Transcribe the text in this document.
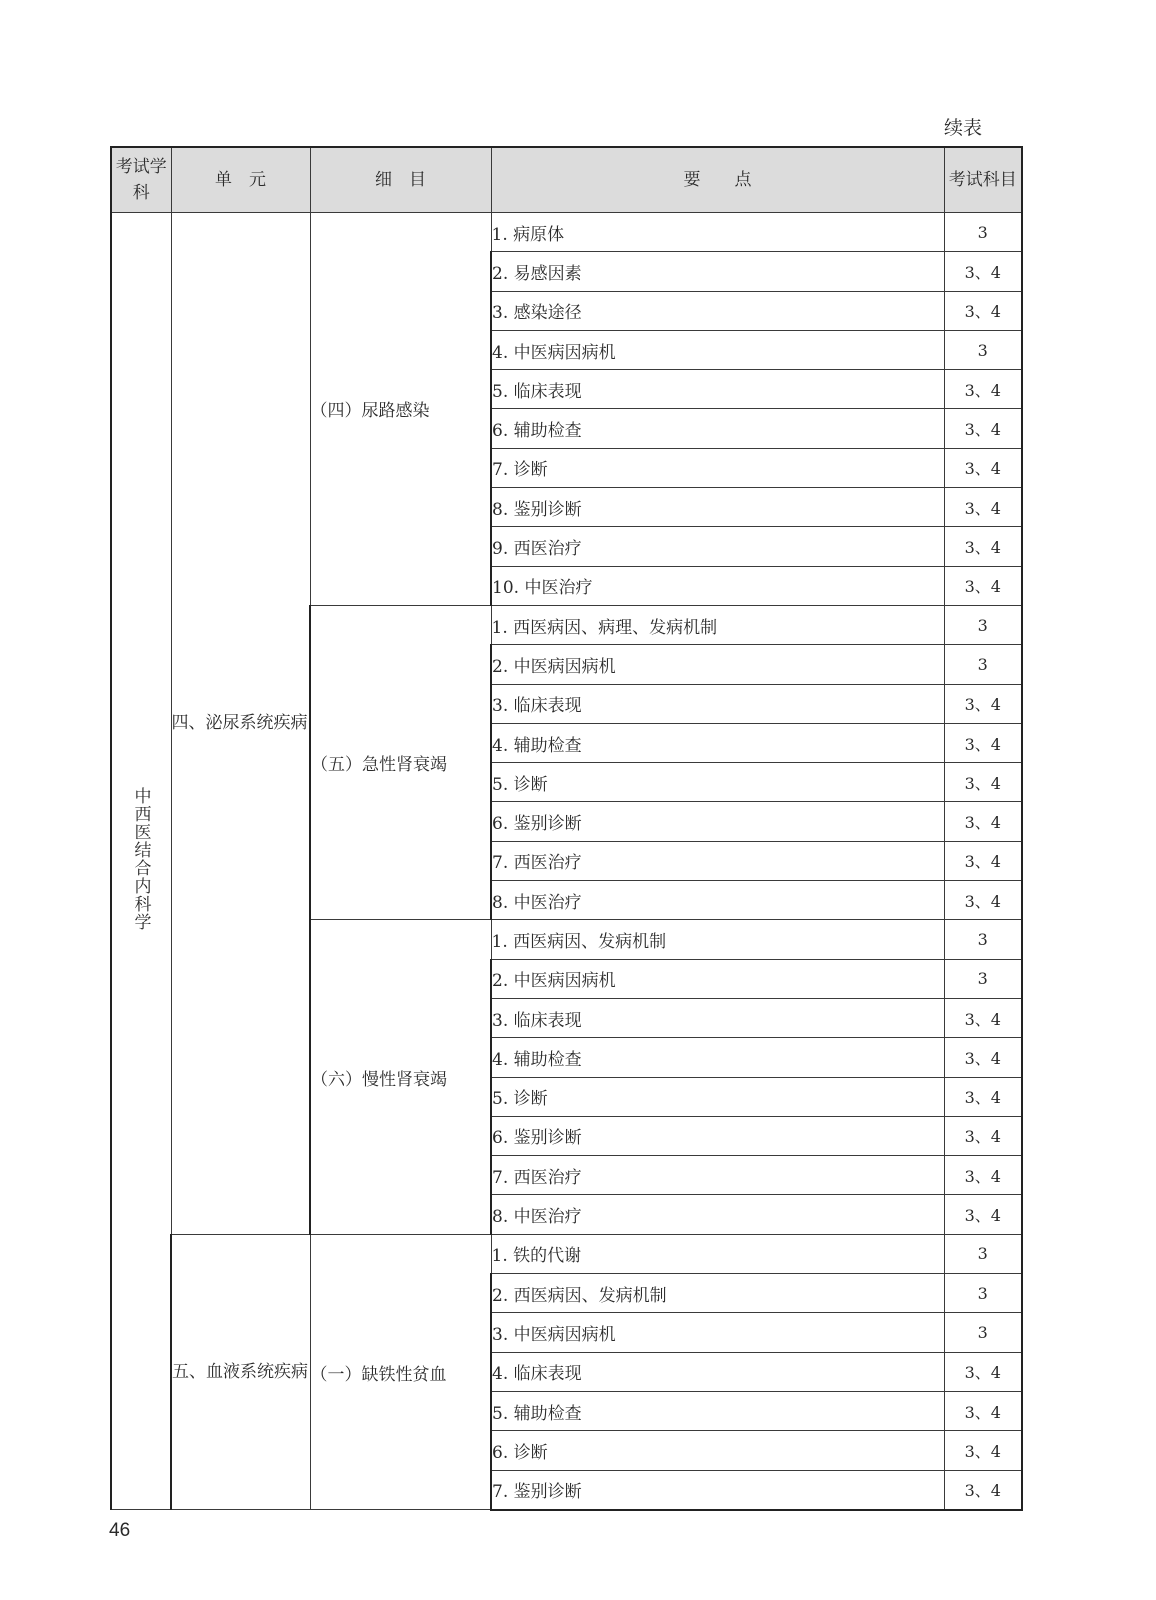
续表
考试学科	单　元	细　目	要　　点	考试科目
中西医结合内科学	四、泌尿系统疾病	（四）尿路感染	1. 病原体	3
			2. 易感因素	3、4
			3. 感染途径	3、4
			4. 中医病因病机	3
			5. 临床表现	3、4
			6. 辅助检查	3、4
			7. 诊断	3、4
			8. 鉴别诊断	3、4
			9. 西医治疗	3、4
			10. 中医治疗	3、4
		（五）急性肾衰竭	1. 西医病因、病理、发病机制	3
			2. 中医病因病机	3
			3. 临床表现	3、4
			4. 辅助检查	3、4
			5. 诊断	3、4
			6. 鉴别诊断	3、4
			7. 西医治疗	3、4
			8. 中医治疗	3、4
		（六）慢性肾衰竭	1. 西医病因、发病机制	3
			2. 中医病因病机	3
			3. 临床表现	3、4
			4. 辅助检查	3、4
			5. 诊断	3、4
			6. 鉴别诊断	3、4
			7. 西医治疗	3、4
			8. 中医治疗	3、4
	五、血液系统疾病	（一）缺铁性贫血	1. 铁的代谢	3
			2. 西医病因、发病机制	3
			3. 中医病因病机	3
			4. 临床表现	3、4
			5. 辅助检查	3、4
			6. 诊断	3、4
			7. 鉴别诊断	3、4
46
